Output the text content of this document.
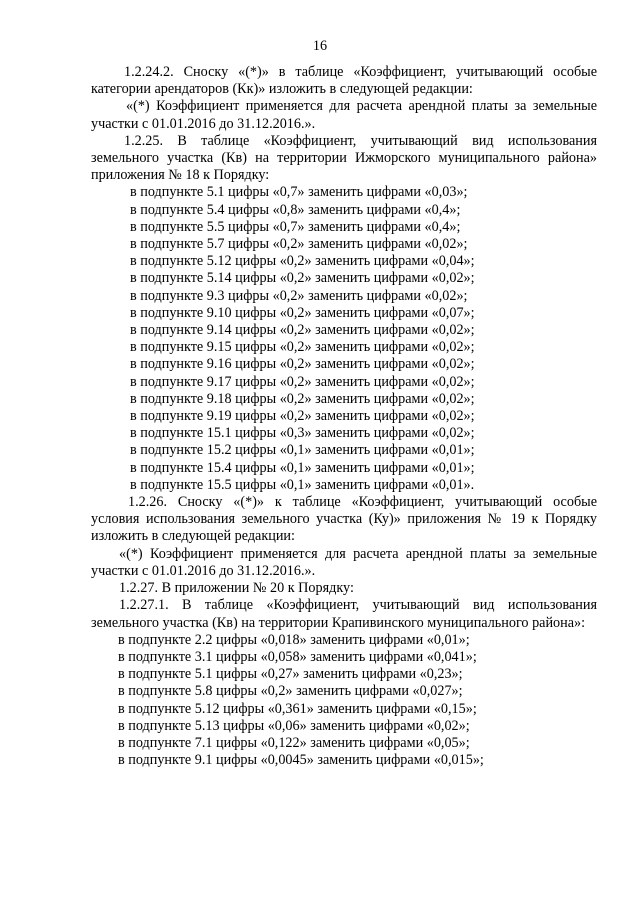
16
1.2.24.2. Сноску «(*)» в таблице «Коэффициент, учитывающий особые категории арендаторов (Кк)» изложить в следующей редакции:
«(*) Коэффициент применяется для расчета арендной платы за земельные участки с 01.01.2016 до 31.12.2016.».
1.2.25. В таблице «Коэффициент, учитывающий вид использования земельного участка (Кв) на территории Ижморского муниципального района» приложения № 18 к Порядку:
в подпункте 5.1 цифры «0,7» заменить цифрами «0,03»;
в подпункте 5.4 цифры «0,8» заменить цифрами «0,4»;
в подпункте 5.5 цифры «0,7» заменить цифрами «0,4»;
в подпункте 5.7 цифры «0,2» заменить цифрами «0,02»;
в подпункте 5.12 цифры «0,2» заменить цифрами «0,04»;
в подпункте 5.14 цифры «0,2» заменить цифрами «0,02»;
в подпункте 9.3 цифры «0,2» заменить цифрами «0,02»;
в подпункте 9.10 цифры «0,2» заменить цифрами «0,07»;
в подпункте 9.14 цифры «0,2» заменить цифрами «0,02»;
в подпункте 9.15 цифры «0,2» заменить цифрами «0,02»;
в подпункте 9.16 цифры «0,2» заменить цифрами «0,02»;
в подпункте 9.17 цифры «0,2» заменить цифрами «0,02»;
в подпункте 9.18 цифры «0,2» заменить цифрами «0,02»;
в подпункте 9.19 цифры «0,2» заменить цифрами «0,02»;
в подпункте 15.1 цифры «0,3» заменить цифрами «0,02»;
в подпункте 15.2 цифры «0,1» заменить цифрами «0,01»;
в подпункте 15.4 цифры «0,1» заменить цифрами «0,01»;
в подпункте 15.5 цифры «0,1» заменить цифрами «0,01».
1.2.26. Сноску «(*)» к таблице «Коэффициент, учитывающий особые условия использования земельного участка (Ку)» приложения № 19 к Порядку изложить в следующей редакции:
«(*) Коэффициент применяется для расчета арендной платы за земельные участки с 01.01.2016 до 31.12.2016.».
1.2.27. В приложении № 20 к Порядку:
1.2.27.1. В таблице «Коэффициент, учитывающий вид использования земельного участка (Кв) на территории Крапивинского муниципального района»:
в подпункте 2.2 цифры «0,018» заменить цифрами «0,01»;
в подпункте 3.1 цифры «0,058» заменить цифрами «0,041»;
в подпункте 5.1 цифры «0,27» заменить цифрами «0,23»;
в подпункте 5.8 цифры «0,2» заменить цифрами «0,027»;
в подпункте 5.12 цифры «0,361» заменить цифрами «0,15»;
в подпункте 5.13 цифры «0,06» заменить цифрами «0,02»;
в подпункте 7.1 цифры «0,122» заменить цифрами «0,05»;
в подпункте 9.1 цифры «0,0045» заменить цифрами «0,015»;
